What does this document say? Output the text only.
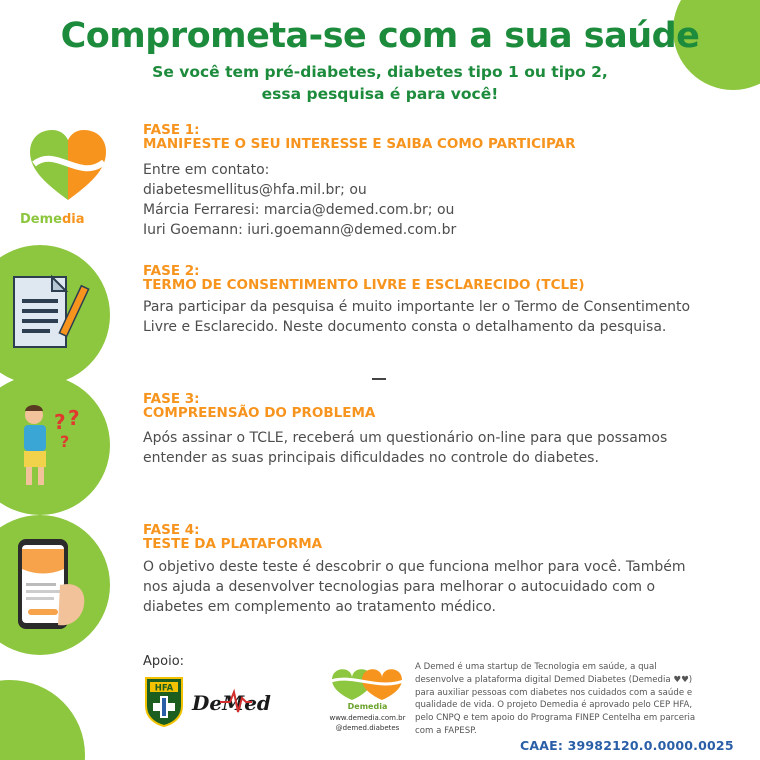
Comprometa-se com a sua saúde
Se você tem pré-diabetes, diabetes tipo 1 ou tipo 2,
essa pesquisa é para você!
Demedia
FASE 1:
MANIFESTE O SEU INTERESSE E SAIBA COMO PARTICIPAR
Entre em contato:
diabetesmellitus@hfa.mil.br; ou
Márcia Ferraresi: marcia@demed.com.br; ou
Iuri Goemann: iuri.goemann@demed.com.br
FASE 2:
TERMO DE CONSENTIMENTO LIVRE E ESCLARECIDO (TCLE)
Para participar da pesquisa é muito importante ler o Termo de Consentimento
Livre e Esclarecido. Neste documento consta o detalhamento da pesquisa.
? ?
?
FASE 3:
COMPREENSÃO DO PROBLEMA
Após assinar o TCLE, receberá um questionário on-line para que possamos
entender as suas principais dificuldades no controle do diabetes.
FASE 4:
TESTE DA PLATAFORMA
O objetivo deste teste é descobrir o que funciona melhor para você. Também
nos ajuda a desenvolver tecnologias para melhorar o autocuidado com o
diabetes em complemento ao tratamento médico.
Apoio:
HFA
DeMed	Demedia
www.demedia.com.br
@demed.diabetes
A Demed é uma startup de Tecnologia em saúde, a qual
desenvolve a plataforma digital Demed Diabetes (Demedia ♥♥)
para auxiliar pessoas com diabetes nos cuidados com a saúde e
qualidade de vida. O projeto Demedia é aprovado pelo CEP HFA,
pelo CNPQ e tem apoio do Programa FINEP Centelha em parceria
com a FAPESP.
CAAE: 39982120.0.0000.0025
